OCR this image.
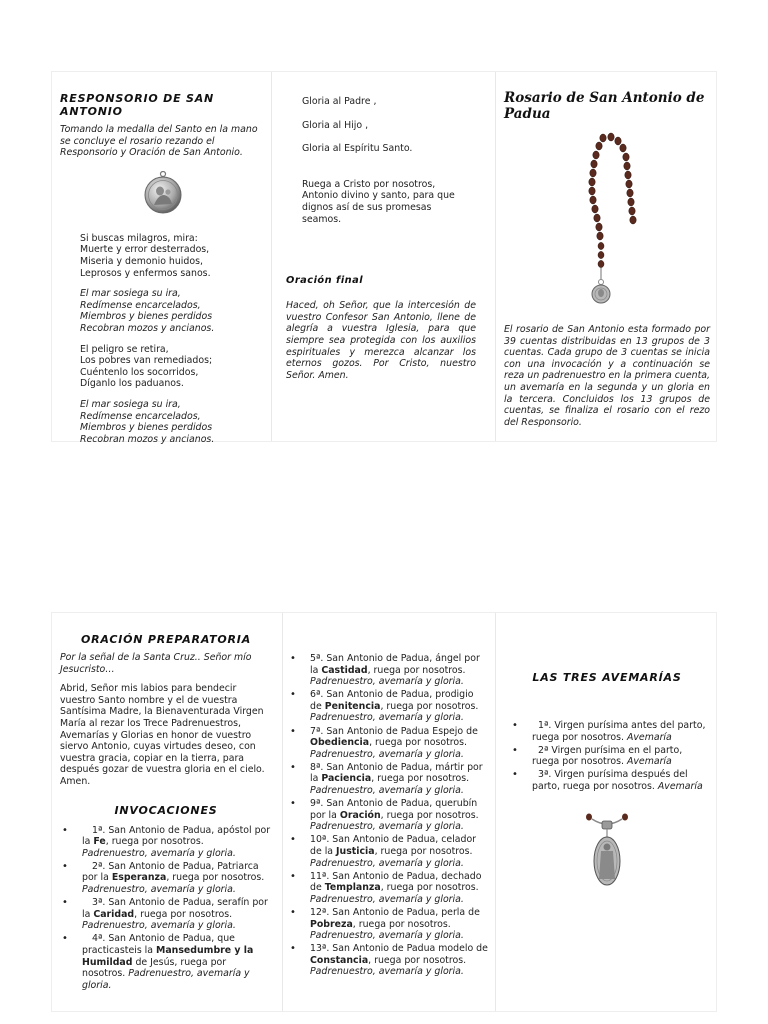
RESPONSORIO DE SAN ANTONIO

Tomando la medalla del Santo en la mano se concluye el rosario rezando el Responsorio y Oración de San Antonio.

Si buscas milagros, mira:
Muerte y error desterrados,
Miseria y demonio huidos,
Leprosos y enfermos sanos.
El mar sosiega su ira,
Redímense encarcelados,
Miembros y bienes perdidos
Recobran mozos y ancianos.
El peligro se retira,
Los pobres van remediados;
Cuéntenlo los socorridos,
Díganlo los paduanos.
El mar sosiega su ira,
Redímense encarcelados,
Miembros y bienes perdidos
Recobran mozos y ancianos.

Gloria al Padre ,

Gloria al Hijo ,

Gloria al Espíritu Santo.

Ruega a Cristo por nosotros, Antonio divino y santo, para que dignos así de sus promesas seamos.

Oración final

Haced, oh Señor, que la intercesión de vuestro Confesor San Antonio, llene de alegría a vuestra Iglesia, para que siempre sea protegida con los auxilios espirituales y merezca alcanzar los eternos gozos. Por Cristo, nuestro Señor. Amen.

Rosario de San Antonio de Padua

El rosario de San Antonio esta formado por 39 cuentas distribuidas en 13 grupos de 3 cuentas. Cada grupo de 3 cuentas se inicia con una invocación y a continuación se reza un padrenuestro en la primera cuenta, un avemaría en la segunda y un gloria en la tercera. Concluidos los 13 grupos de cuentas, se finaliza el rosario con el rezo del Responsorio.

ORACIÓN PREPARATORIA

Por la señal de la Santa Cruz.. Señor mío Jesucristo…

Abrid, Señor mis labios para bendecir vuestro Santo nombre y el de vuestra Santísima Madre, la Bienaventurada Virgen María al rezar los Trece Padrenuestros, Avemarías y Glorias en honor de vuestro siervo Antonio, cuyas virtudes deseo, con vuestra gracia, copiar en la tierra, para después gozar de vuestra gloria en el cielo. Amen.

INVOCACIONES
• 1ª. San Antonio de Padua, apóstol por la Fe, ruega por nosotros. Padrenuestro, avemaría y gloria.
• 2ª. San Antonio de Padua, Patriarca por la Esperanza, ruega por nosotros. Padrenuestro, avemaría y gloria.
• 3ª. San Antonio de Padua, serafín por la Caridad, ruega por nosotros. Padrenuestro, avemaría y gloria.
• 4ª. San Antonio de Padua, que practicasteis la Mansedumbre y la Humildad de Jesús, ruega por nosotros. Padrenuestro, avemaría y gloria.
• 5ª. San Antonio de Padua, ángel por la Castidad, ruega por nosotros. Padrenuestro, avemaría y gloria.
• 6ª. San Antonio de Padua, prodigio de Penitencia, ruega por nosotros. Padrenuestro, avemaría y gloria.
• 7ª. San Antonio de Padua Espejo de Obediencia, ruega por nosotros. Padrenuestro, avemaría y gloria.
• 8ª. San Antonio de Padua, mártir por la Paciencia, ruega por nosotros. Padrenuestro, avemaría y gloria.
• 9ª. San Antonio de Padua, querubín por la Oración, ruega por nosotros. Padrenuestro, avemaría y gloria.
• 10ª. San Antonio de Padua, celador de la Justicia, ruega por nosotros. Padrenuestro, avemaría y gloria.
• 11ª. San Antonio de Padua, dechado de Templanza, ruega por nosotros. Padrenuestro, avemaría y gloria.
• 12ª. San Antonio de Padua, perla de Pobreza, ruega por nosotros. Padrenuestro, avemaría y gloria.
• 13ª. San Antonio de Padua modelo de Constancia, ruega por nosotros. Padrenuestro, avemaría y gloria.
LAS TRES AVEMARÍAS
• 1ª. Virgen purísima antes del parto, ruega por nosotros. Avemaría
• 2ª Virgen purísima en el parto, ruega por nosotros. Avemaría
• 3ª. Virgen purísima después del parto, ruega por nosotros. Avemaría
